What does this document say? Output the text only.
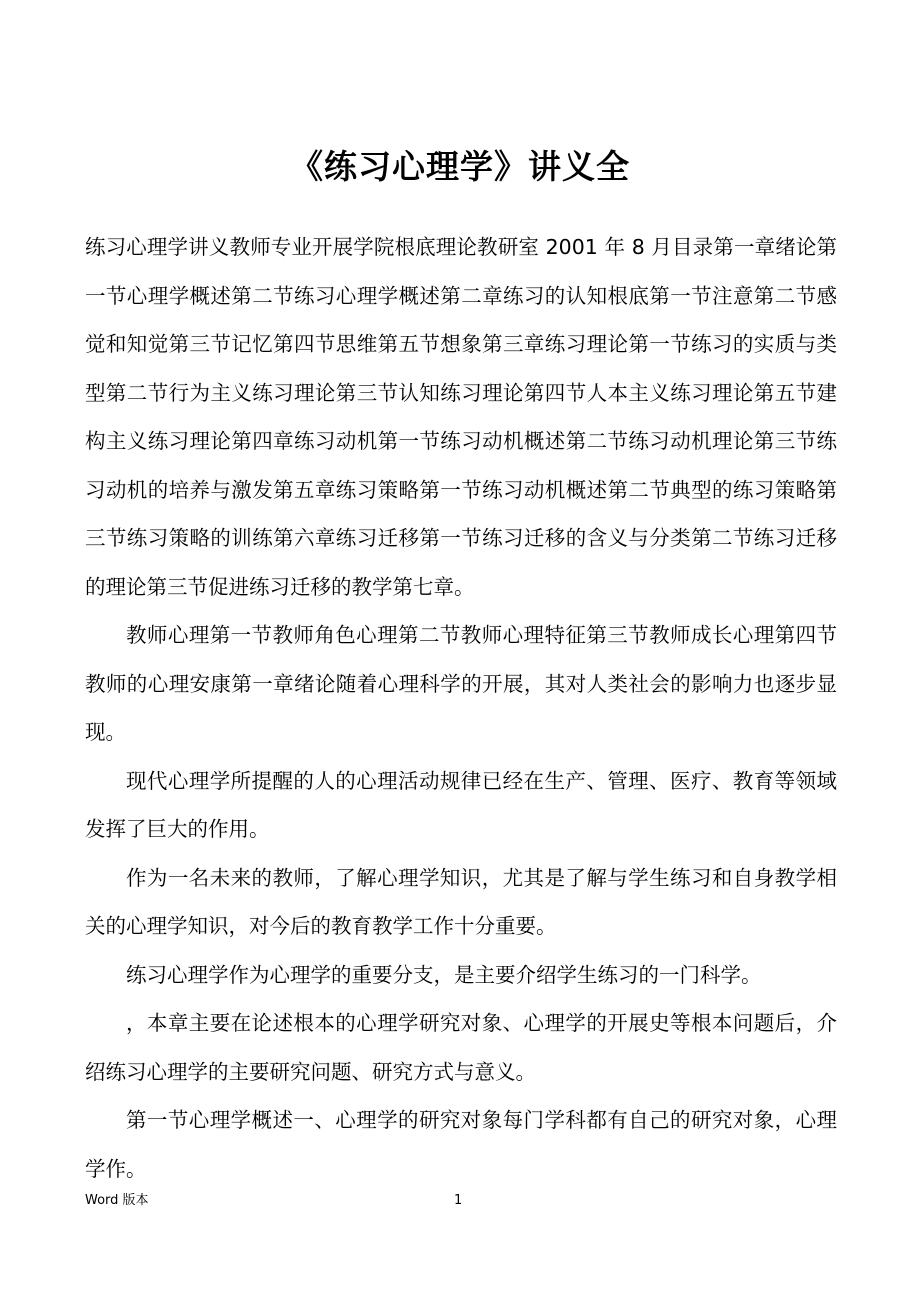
《练习心理学》讲义全

练习心理学讲义教师专业开展学院根底理论教研室 2001 年 8 月目录第一章绪论第一节心理学概述第二节练习心理学概述第二章练习的认知根底第一节注意第二节感觉和知觉第三节记忆第四节思维第五节想象第三章练习理论第一节练习的实质与类型第二节行为主义练习理论第三节认知练习理论第四节人本主义练习理论第五节建构主义练习理论第四章练习动机第一节练习动机概述第二节练习动机理论第三节练习动机的培养与激发第五章练习策略第一节练习动机概述第二节典型的练习策略第三节练习策略的训练第六章练习迁移第一节练习迁移的含义与分类第二节练习迁移的理论第三节促进练习迁移的教学第七章。

教师心理第一节教师角色心理第二节教师心理特征第三节教师成长心理第四节教师的心理安康第一章绪论随着心理科学的开展，其对人类社会的影响力也逐步显现。

现代心理学所提醒的人的心理活动规律已经在生产、管理、医疗、教育等领域发挥了巨大的作用。

作为一名未来的教师，了解心理学知识，尤其是了解与学生练习和自身教学相关的心理学知识，对今后的教育教学工作十分重要。

练习心理学作为心理学的重要分支，是主要介绍学生练习的一门科学。

，本章主要在论述根本的心理学研究对象、心理学的开展史等根本问题后，介绍练习心理学的主要研究问题、研究方式与意义。

第一节心理学概述一、心理学的研究对象每门学科都有自己的研究对象，心理学作。

Word 版本	1
